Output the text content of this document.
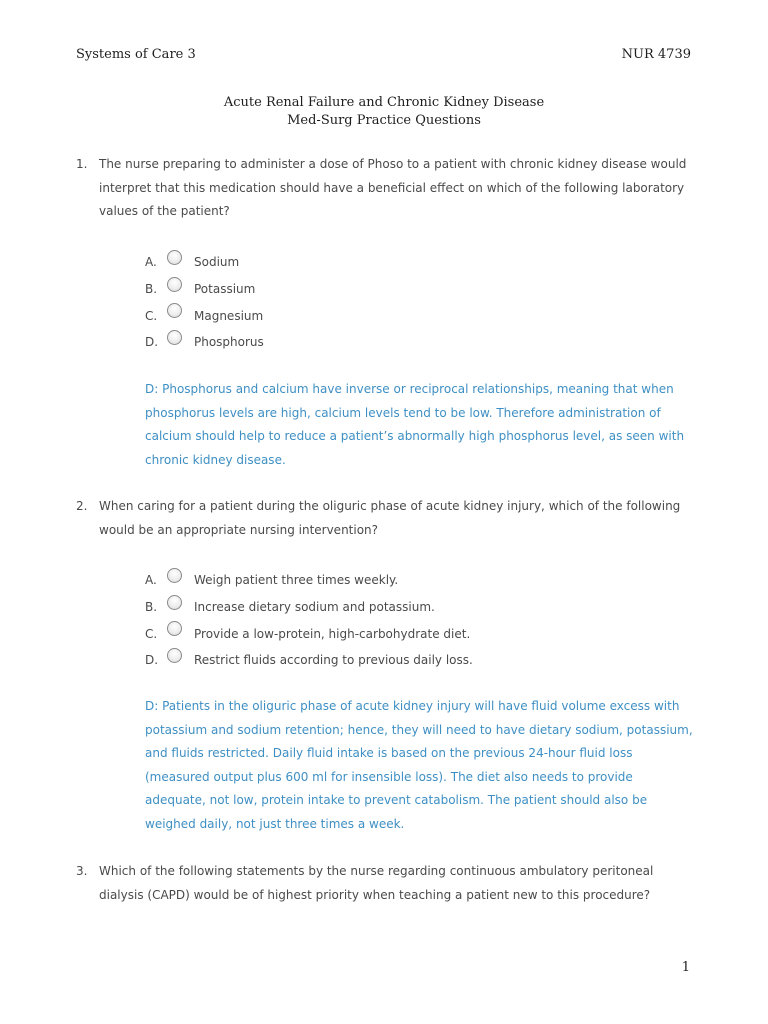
Systems of Care 3	NUR 4739
Acute Renal Failure and Chronic Kidney Disease
Med-Surg Practice Questions
1. The nurse preparing to administer a dose of Phoso to a patient with chronic kidney disease would interpret that this medication should have a beneficial effect on which of the following laboratory values of the patient?
A.	Sodium
B.	Potassium
C.	Magnesium
D.	Phosphorus
D: Phosphorus and calcium have inverse or reciprocal relationships, meaning that when phosphorus levels are high, calcium levels tend to be low. Therefore administration of calcium should help to reduce a patient’s abnormally high phosphorus level, as seen with chronic kidney disease.
2. When caring for a patient during the oliguric phase of acute kidney injury, which of the following would be an appropriate nursing intervention?
A.	Weigh patient three times weekly.
B.	Increase dietary sodium and potassium.
C.	Provide a low-protein, high-carbohydrate diet.
D.	Restrict fluids according to previous daily loss.
D: Patients in the oliguric phase of acute kidney injury will have fluid volume excess with potassium and sodium retention; hence, they will need to have dietary sodium, potassium, and fluids restricted. Daily fluid intake is based on the previous 24-hour fluid loss (measured output plus 600 ml for insensible loss). The diet also needs to provide adequate, not low, protein intake to prevent catabolism. The patient should also be weighed daily, not just three times a week.
3. Which of the following statements by the nurse regarding continuous ambulatory peritoneal dialysis (CAPD) would be of highest priority when teaching a patient new to this procedure?
1
